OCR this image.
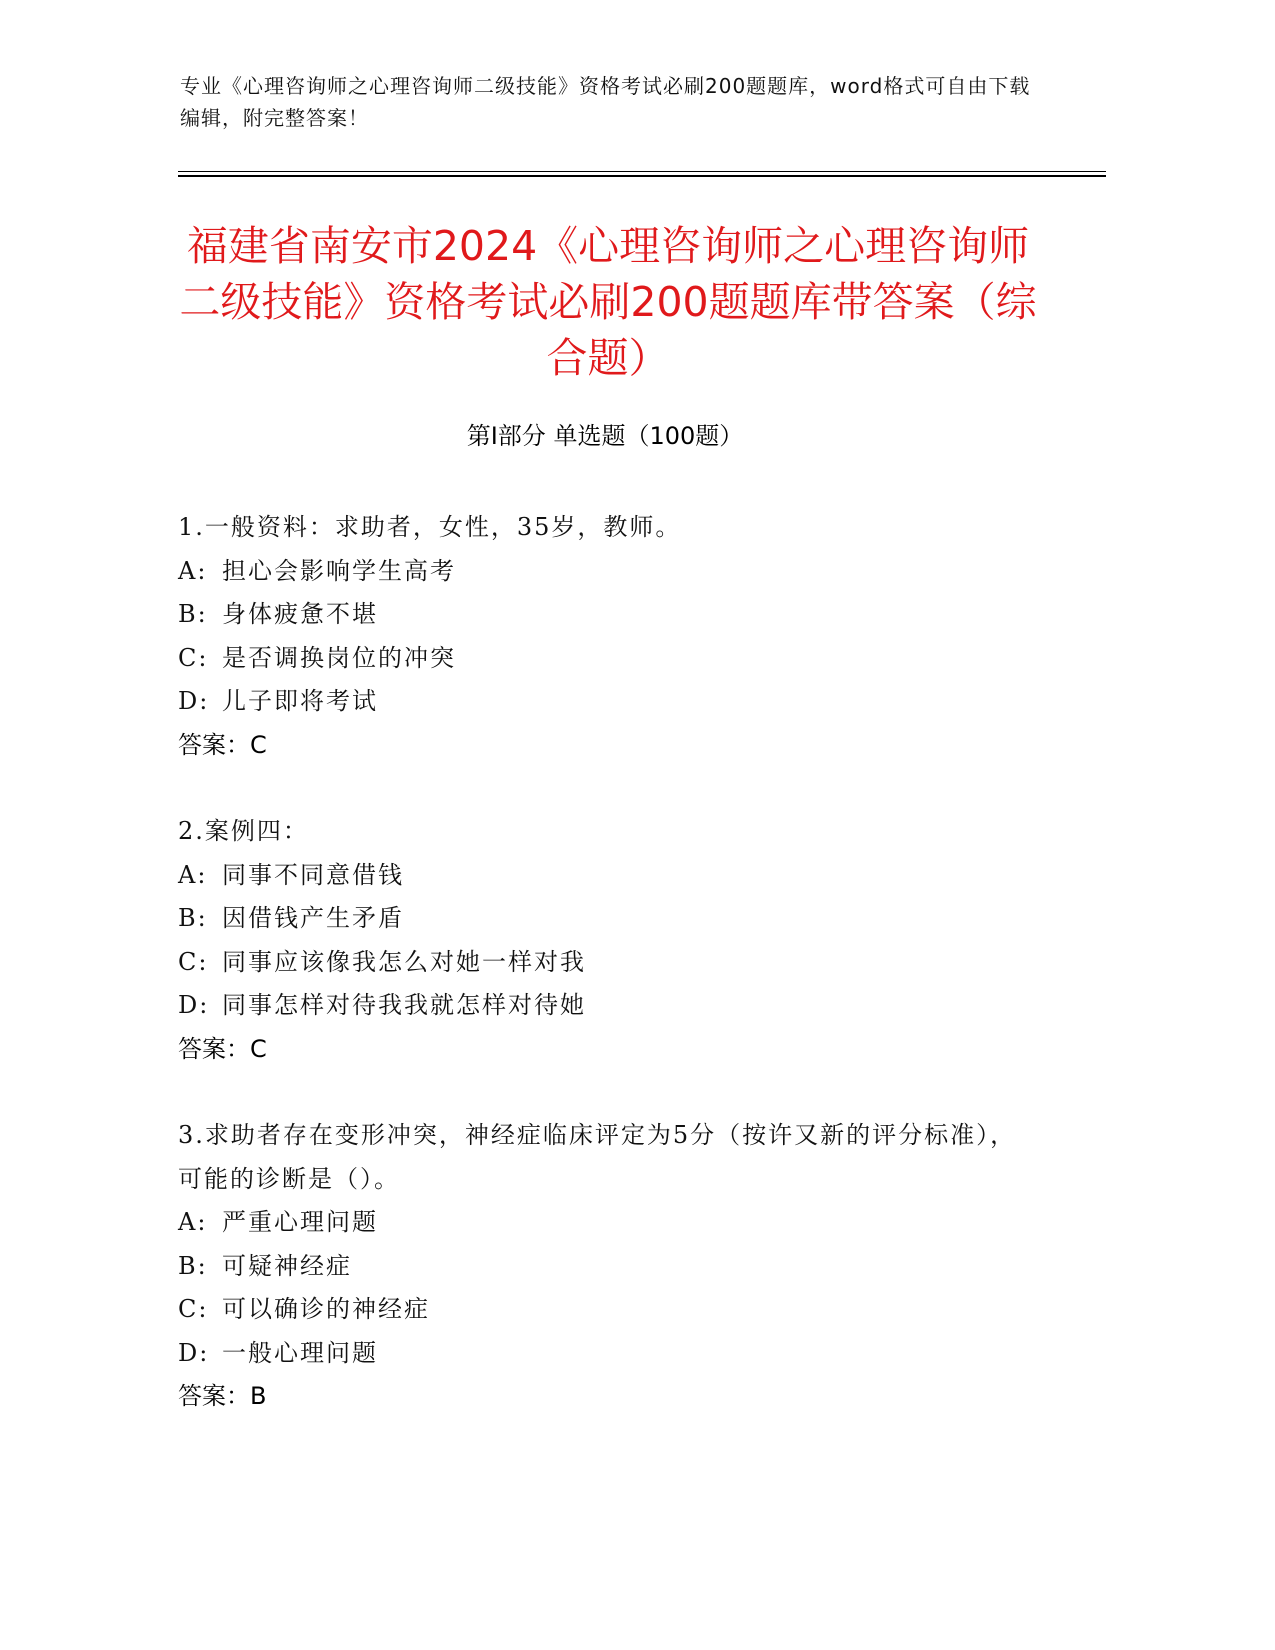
专业《心理咨询师之心理咨询师二级技能》资格考试必刷200题题库，word格式可自由下载编辑，附完整答案！
福建省南安市2024《心理咨询师之心理咨询师二级技能》资格考试必刷200题题库带答案（综合题）
第Ⅰ部分 单选题（100题）
1.一般资料：求助者，女性，35岁，教师。
A: 担心会影响学生高考
B: 身体疲惫不堪
C: 是否调换岗位的冲突
D: 儿子即将考试
答案：C
2.案例四：
A: 同事不同意借钱
B: 因借钱产生矛盾
C: 同事应该像我怎么对她一样对我
D: 同事怎样对待我我就怎样对待她
答案：C
3.求助者存在变形冲突，神经症临床评定为5分（按许又新的评分标准），可能的诊断是（）。
A: 严重心理问题
B: 可疑神经症
C: 可以确诊的神经症
D: 一般心理问题
答案：B
